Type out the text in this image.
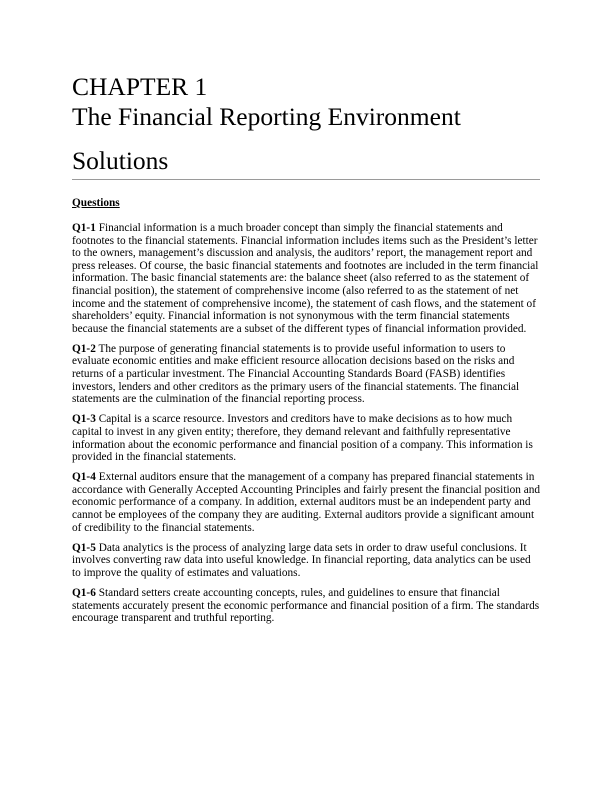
CHAPTER 1
The Financial Reporting Environment
Solutions

Questions

Q1-1 Financial information is a much broader concept than simply the financial statements and footnotes to the financial statements. Financial information includes items such as the President’s letter to the owners, management’s discussion and analysis, the auditors’ report, the management report and press releases. Of course, the basic financial statements and footnotes are included in the term financial information. The basic financial statements are: the balance sheet (also referred to as the statement of financial position), the statement of comprehensive income (also referred to as the statement of net income and the statement of comprehensive income), the statement of cash flows, and the statement of shareholders’ equity. Financial information is not synonymous with the term financial statements because the financial statements are a subset of the different types of financial information provided.

Q1-2 The purpose of generating financial statements is to provide useful information to users to evaluate economic entities and make efficient resource allocation decisions based on the risks and returns of a particular investment. The Financial Accounting Standards Board (FASB) identifies investors, lenders and other creditors as the primary users of the financial statements. The financial statements are the culmination of the financial reporting process.

Q1-3 Capital is a scarce resource. Investors and creditors have to make decisions as to how much capital to invest in any given entity; therefore, they demand relevant and faithfully representative information about the economic performance and financial position of a company. This information is provided in the financial statements.

Q1-4 External auditors ensure that the management of a company has prepared financial statements in accordance with Generally Accepted Accounting Principles and fairly present the financial position and economic performance of a company. In addition, external auditors must be an independent party and cannot be employees of the company they are auditing. External auditors provide a significant amount of credibility to the financial statements.

Q1-5 Data analytics is the process of analyzing large data sets in order to draw useful conclusions. It involves converting raw data into useful knowledge. In financial reporting, data analytics can be used to improve the quality of estimates and valuations.

Q1-6 Standard setters create accounting concepts, rules, and guidelines to ensure that financial statements accurately present the economic performance and financial position of a firm. The standards encourage transparent and truthful reporting.
